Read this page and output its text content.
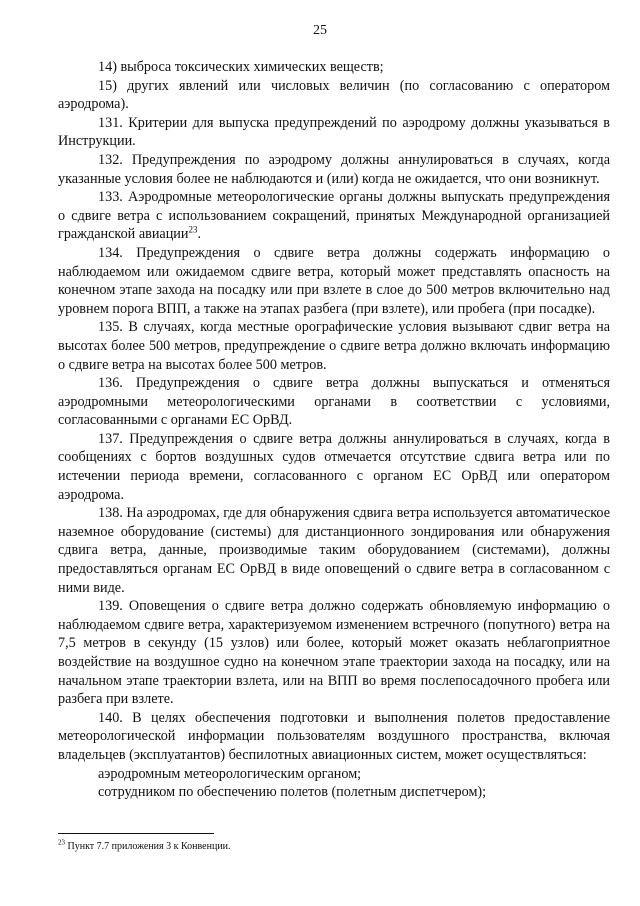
25

14) выброса токсических химических веществ;

15) других явлений или числовых величин (по согласованию с оператором аэродрома).

131. Критерии для выпуска предупреждений по аэродрому должны указываться в Инструкции.

132. Предупреждения по аэродрому должны аннулироваться в случаях, когда указанные условия более не наблюдаются и (или) когда не ожидается, что они возникнут.

133. Аэродромные метеорологические органы должны выпускать предупреждения о сдвиге ветра с использованием сокращений, принятых Международной организацией гражданской авиации$^{23}$.

134. Предупреждения о сдвиге ветра должны содержать информацию о наблюдаемом или ожидаемом сдвиге ветра, который может представлять опасность на конечном этапе захода на посадку или при взлете в слое до 500 метров включительно над уровнем порога ВПП, а также на этапах разбега (при взлете), или пробега (при посадке).

135. В случаях, когда местные орографические условия вызывают сдвиг ветра на высотах более 500 метров, предупреждение о сдвиге ветра должно включать информацию о сдвиге ветра на высотах более 500 метров.

136. Предупреждения о сдвиге ветра должны выпускаться и отменяться аэродромными метеорологическими органами в соответствии с условиями, согласованными с органами ЕС ОрВД.

137. Предупреждения о сдвиге ветра должны аннулироваться в случаях, когда в сообщениях с бортов воздушных судов отмечается отсутствие сдвига ветра или по истечении периода времени, согласованного с органом ЕС ОрВД или оператором аэродрома.

138. На аэродромах, где для обнаружения сдвига ветра используется автоматическое наземное оборудование (системы) для дистанционного зондирования или обнаружения сдвига ветра, данные, производимые таким оборудованием (системами), должны предоставляться органам ЕС ОрВД в виде оповещений о сдвиге ветра в согласованном с ними виде.

139. Оповещения о сдвиге ветра должно содержать обновляемую информацию о наблюдаемом сдвиге ветра, характеризуемом изменением встречного (попутного) ветра на 7,5 метров в секунду (15 узлов) или более, который может оказать неблагоприятное воздействие на воздушное судно на конечном этапе траектории захода на посадку, или на начальном этапе траектории взлета, или на ВПП во время послепосадочного пробега или разбега при взлете.

140. В целях обеспечения подготовки и выполнения полетов предоставление метеорологической информации пользователям воздушного пространства, включая владельцев (эксплуатантов) беспилотных авиационных систем, может осуществляться:

аэродромным метеорологическим органом;

сотрудником по обеспечению полетов (полетным диспетчером);

$^{23}$ Пункт 7.7 приложения 3 к Конвенции.
